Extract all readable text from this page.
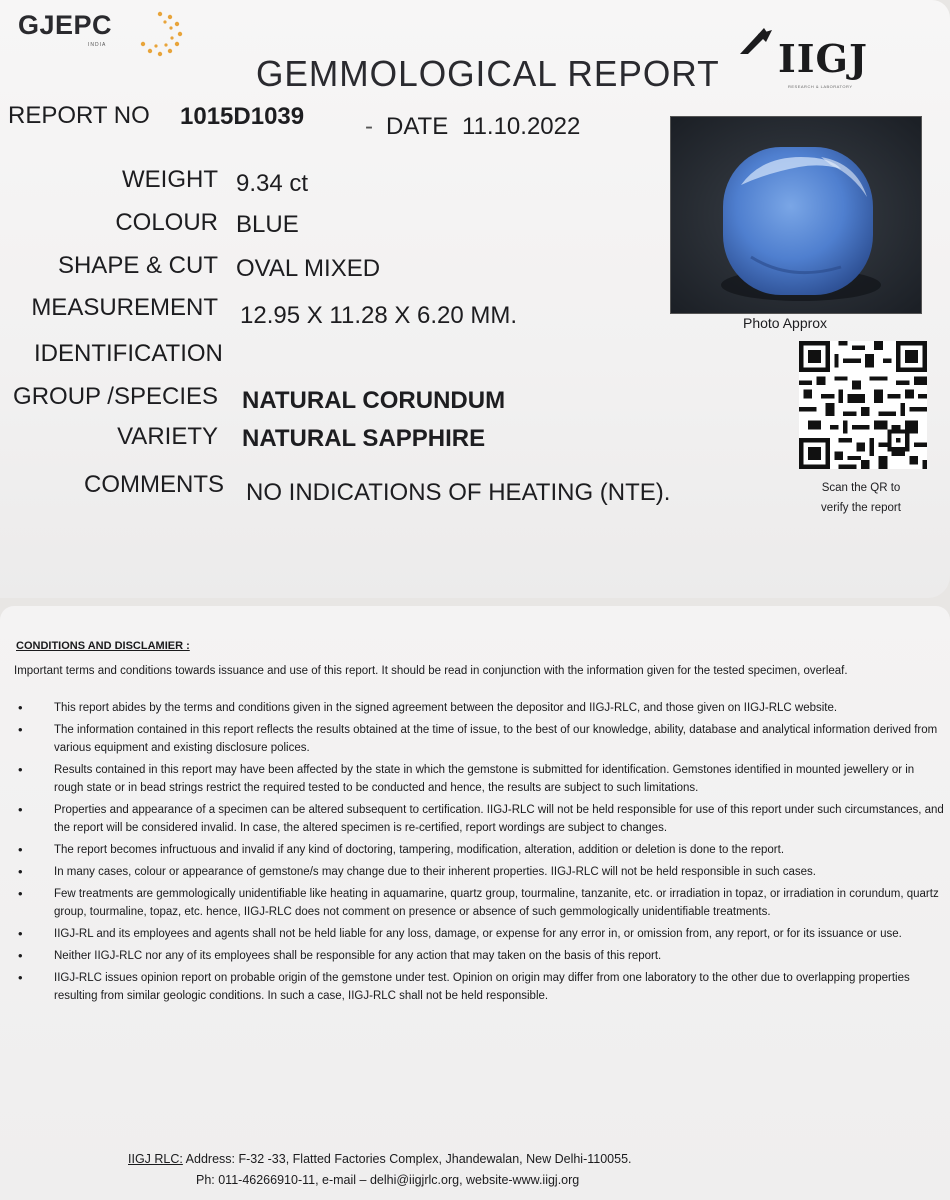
GJEPC
INDIA	IIGJ
RESEARCH & LABORATORY
GEMMOLOGICAL REPORT
REPORT NO 1015D1039	- DATE 11.10.2022
WEIGHT 9.34 ct
COLOUR BLUE
SHAPE & CUT OVAL MIXED
MEASUREMENT 12.95 X 11.28 X 6.20 MM.
IDENTIFICATION
GROUP /SPECIES NATURAL CORUNDUM
VARIETY NATURAL SAPPHIRE
COMMENTS NO INDICATIONS OF HEATING (NTE).
Photo Approx
Scan the QR to
verify the report
CONDITIONS AND DISCLAMIER :
Important terms and conditions towards issuance and use of this report. It should be read in conjunction with the information given for the tested specimen, overleaf.
• This report abides by the terms and conditions given in the signed agreement between the depositor and IIGJ-RLC, and those given on IIGJ-RLC website.
• The information contained in this report reflects the results obtained at the time of issue, to the best of our knowledge, ability, database and analytical information derived from various equipment and existing disclosure polices.
• Results contained in this report may have been affected by the state in which the gemstone is submitted for identification. Gemstones identified in mounted jewellery or in rough state or in bead strings restrict the required tested to be conducted and hence, the results are subject to such limitations.
• Properties and appearance of a specimen can be altered subsequent to certification. IIGJ-RLC will not be held responsible for use of this report under such circumstances, and the report will be considered invalid. In case, the altered specimen is re-certified, report wordings are subject to changes.
• The report becomes infructuous and invalid if any kind of doctoring, tampering, modification, alteration, addition or deletion is done to the report.
• In many cases, colour or appearance of gemstone/s may change due to their inherent properties. IIGJ-RLC will not be held responsible in such cases.
• Few treatments are gemmologically unidentifiable like heating in aquamarine, quartz group, tourmaline, tanzanite, etc. or irradiation in topaz, or irradiation in corundum, quartz group, tourmaline, topaz, etc. hence, IIGJ-RLC does not comment on presence or absence of such gemmologically unidentifiable treatments.
• IIGJ-RL and its employees and agents shall not be held liable for any loss, damage, or expense for any error in, or omission from, any report, or for its issuance or use.
• Neither IIGJ-RLC nor any of its employees shall be responsible for any action that may taken on the basis of this report.
• IIGJ-RLC issues opinion report on probable origin of the gemstone under test. Opinion on origin may differ from one laboratory to the other due to overlapping properties resulting from similar geologic conditions. In such a case, IIGJ-RLC shall not be held responsible.
IIGJ RLC: Address: F-32 -33, Flatted Factories Complex, Jhandewalan, New Delhi-110055.
Ph: 011-46266910-11, e-mail – delhi@iigjrlc.org, website-www.iigj.org
